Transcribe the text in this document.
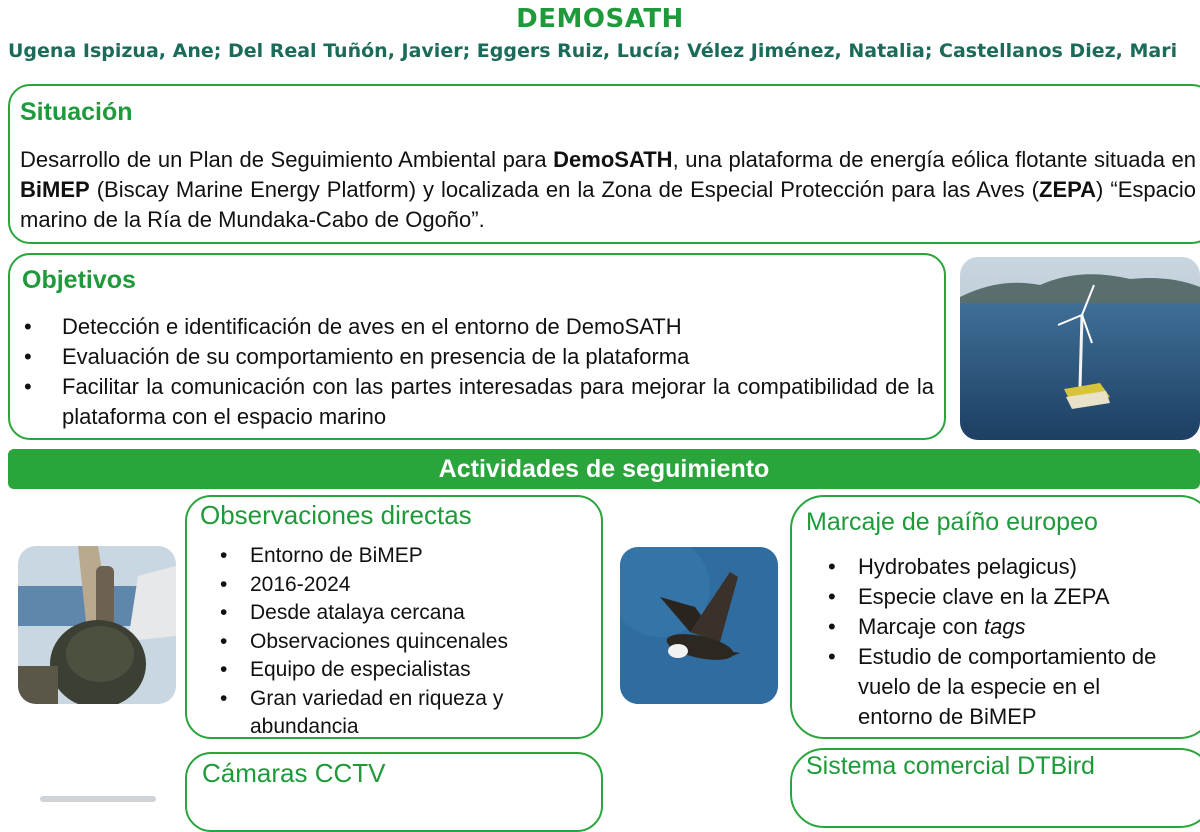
DEMOSATH
Ugena Ispizua, Ane; Del Real Tuñón, Javier; Eggers Ruiz, Lucía; Vélez Jiménez, Natalia; Castellanos Diez, Mari
Situación
Desarrollo de un Plan de Seguimiento Ambiental para DemoSATH, una plataforma de energía eólica flotante situada en BiMEP (Biscay Marine Energy Platform) y localizada en la Zona de Especial Protección para las Aves (ZEPA) “Espacio marino de la Ría de Mundaka-Cabo de Ogoño”.
Objetivos
• Detección e identificación de aves en el entorno de DemoSATH
• Evaluación de su comportamiento en presencia de la plataforma
• Facilitar la comunicación con las partes interesadas para mejorar la compatibilidad de la plataforma con el espacio marino
Actividades de seguimiento
Observaciones directas
• Entorno de BiMEP
• 2016-2024
• Desde atalaya cercana
• Observaciones quincenales
• Equipo de especialistas
• Gran variedad en riqueza y abundancia
Marcaje de paíño europeo
• Hydrobates pelagicus)
• Especie clave en la ZEPA
• Marcaje con tags
• Estudio de comportamiento de vuelo de la especie en el entorno de BiMEP
Cámaras CCTV	Sistema comercial DTBird
